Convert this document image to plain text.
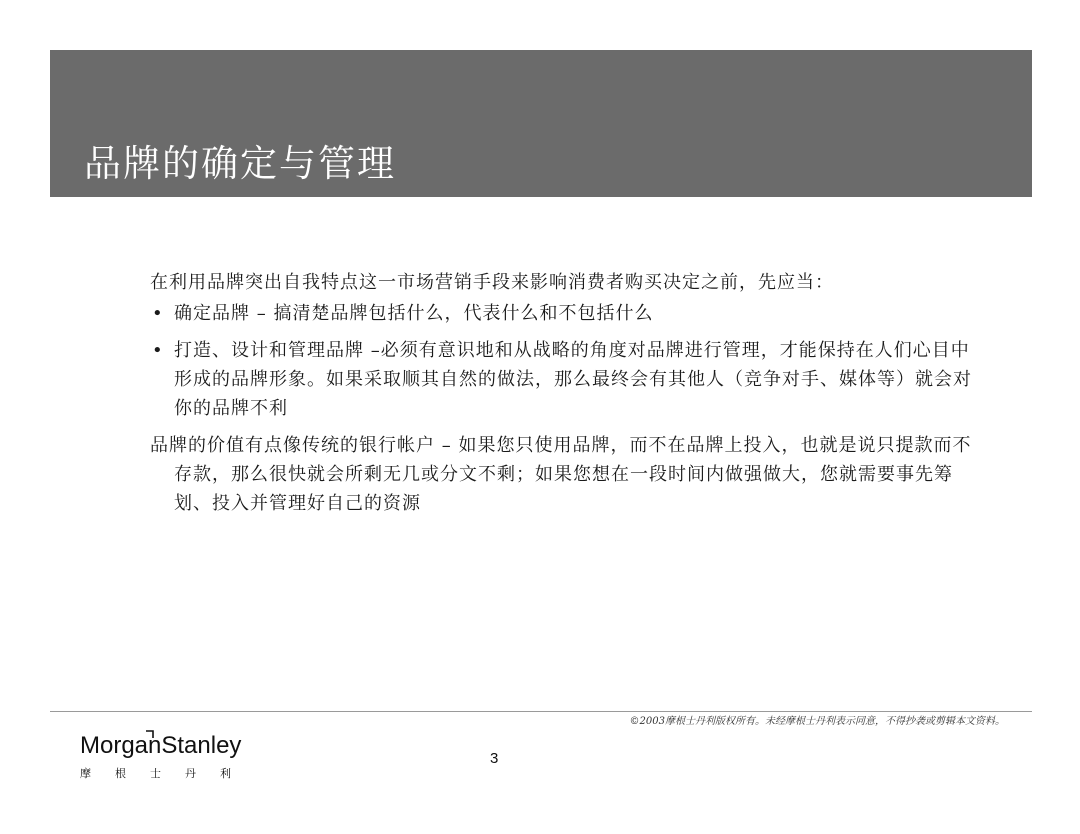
品牌的确定与管理

在利用品牌突出自我特点这一市场营销手段来影响消费者购买决定之前，先应当：

• 确定品牌 – 搞清楚品牌包括什么，代表什么和不包括什么
• 打造、设计和管理品牌 –必须有意识地和从战略的角度对品牌进行管理，才能保持在人们心目中形成的品牌形象。如果采取顺其自然的做法，那么最终会有其他人（竞争对手、媒体等）就会对你的品牌不利

品牌的价值有点像传统的银行帐户 – 如果您只使用品牌，而不在品牌上投入，也就是说只提款而不存款，那么很快就会所剩无几或分文不剩；如果您想在一段时间内做强做大，您就需要事先筹划、投入并管理好自己的资源

©2003摩根士丹利版权所有。未经摩根士丹利表示同意，不得抄袭或剪辑本文资料。
MorganStanley
摩根士丹利
3
